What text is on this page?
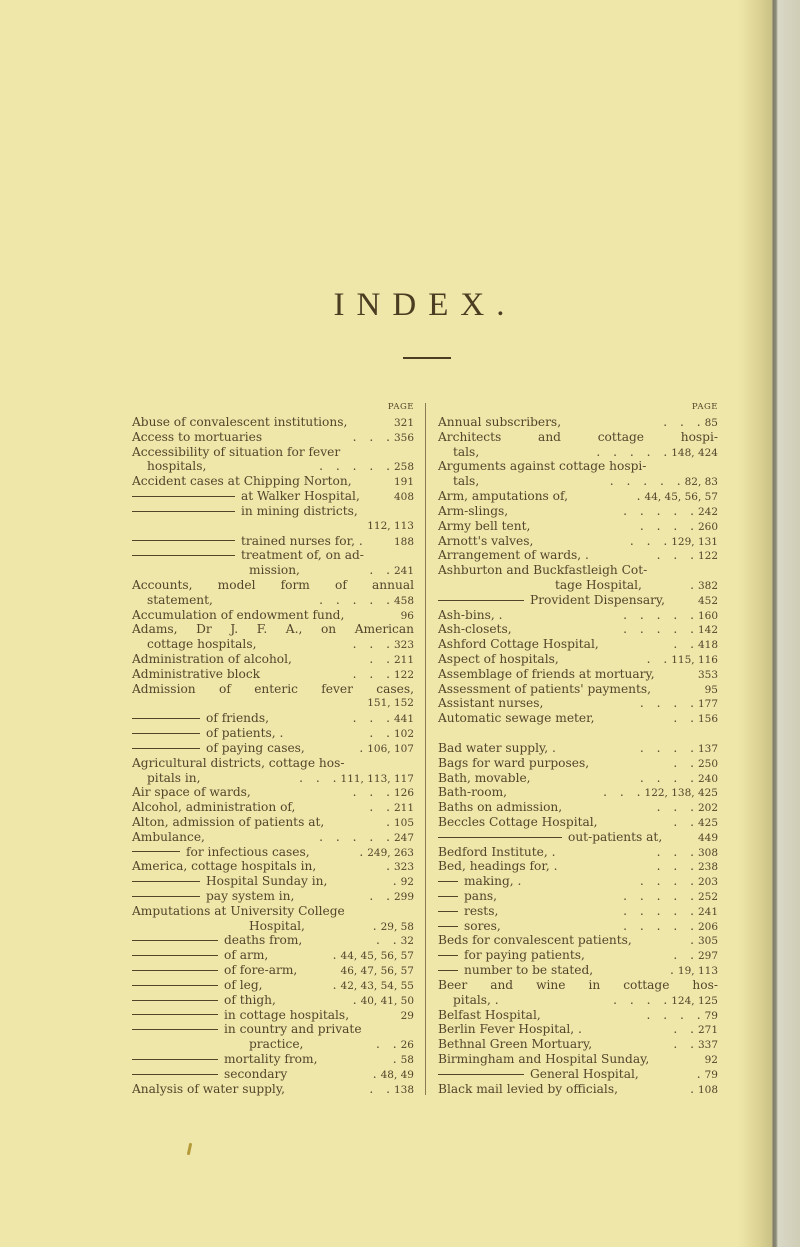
INDEX.
PAGE
Abuse of convalescent institutions,	321
Access to mortuaries	. . . 356
Accessibility of situation for fever
hospitals,	. . . . . 258
Accident cases at Chipping Norton,	191
at Walker Hospital,	408
in mining districts,
112, 113
trained nurses for, .	188
treatment of, on ad-
mission,	. . 241
Accounts, model form of annual
statement,	. . . . . 458
Accumulation of endowment fund,	96
Adams, Dr J. F. A., on American
cottage hospitals,	. . . 323
Administration of alcohol,	. . 211
Administrative block	. . . 122
Admission of enteric fever cases,
151, 152
of friends,	. . . 441
of patients, .	. . 102
of paying cases,	. 106, 107
Agricultural districts, cottage hos-
pitals in,	. . . 111, 113, 117
Air space of wards,	. . . 126
Alcohol, administration of,	. . 211
Alton, admission of patients at,	. 105
Ambulance,	. . . . . 247
for infectious cases,	. 249, 263
America, cottage hospitals in,	. 323
Hospital Sunday in,	. 92
pay system in,	. . 299
Amputations at University College
Hospital,	. 29, 58
deaths from,	. . 32
of arm,	. 44, 45, 56, 57
of fore-arm,	46, 47, 56, 57
of leg,	. 42, 43, 54, 55
of thigh,	. 40, 41, 50
in cottage hospitals,	29
in country and private
practice,	. . 26
mortality from,	. 58
secondary	. 48, 49
Analysis of water supply,	. . 138
PAGE
Annual subscribers,	. . . 85
Architects and cottage hospi-
tals,	. . . . . 148, 424
Arguments against cottage hospi-
tals,	. . . . . 82, 83
Arm, amputations of,	. 44, 45, 56, 57
Arm-slings,	. . . . . 242
Army bell tent,	. . . . 260
Arnott's valves,	. . . 129, 131
Arrangement of wards, .	. . . 122
Ashburton and Buckfastleigh Cot-
tage Hospital,	. 382
Provident Dispensary,	452
Ash-bins, .	. . . . . 160
Ash-closets,	. . . . . 142
Ashford Cottage Hospital,	. . 418
Aspect of hospitals,	. . 115, 116
Assemblage of friends at mortuary,	353
Assessment of patients' payments,	95
Assistant nurses,	. . . . 177
Automatic sewage meter,	. . 156
Bad water supply, .	. . . . 137
Bags for ward purposes,	. . 250
Bath, movable,	. . . . 240
Bath-room,	. . . 122, 138, 425
Baths on admission,	. . . 202
Beccles Cottage Hospital,	. . 425
out-patients at,	449
Bedford Institute, .	. . . 308
Bed, headings for, .	. . . 238
making, .	. . . . 203
pans,	. . . . . 252
rests,	. . . . . 241
sores,	. . . . . 206
Beds for convalescent patients,	. 305
for paying patients,	. . 297
number to be stated,	. 19, 113
Beer and wine in cottage hos-
pitals, .	. . . . 124, 125
Belfast Hospital,	. . . . 79
Berlin Fever Hospital, .	. . 271
Bethnal Green Mortuary,	. . 337
Birmingham and Hospital Sunday,	92
General Hospital,	. 79
Black mail levied by officials,	. 108
